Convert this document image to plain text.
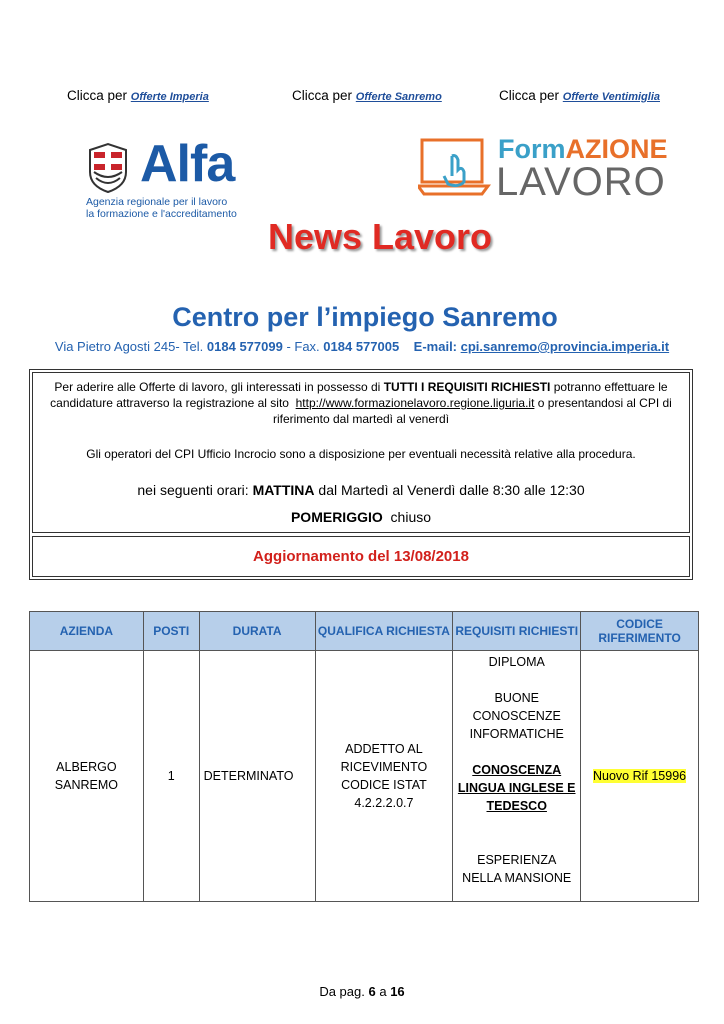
Clicca per Offerte Imperia	Clicca per Offerte Sanremo	Clicca per Offerte Ventimiglia
Alfa
Agenzia regionale per il lavoro
la formazione e l'accreditamento
FormAZIONE
LAVORO
News Lavoro
Centro per l’impiego Sanremo
Via Pietro Agosti 245- Tel. 0184 577099 - Fax. 0184 577005 E-mail: cpi.sanremo@provincia.imperia.it
Per aderire alle Offerte di lavoro, gli interessati in possesso di TUTTI I REQUISITI RICHIESTI potranno effettuare le candidature attraverso la registrazione al sito http://www.formazionelavoro.regione.liguria.it o presentandosi al CPI di riferimento dal martedì al venerdì
Gli operatori del CPI Ufficio Incrocio sono a disposizione per eventuali necessità relative alla procedura.
nei seguenti orari: MATTINA dal Martedì al Venerdì dalle 8:30 alle 12:30
POMERIGGIO chiuso
Aggiornamento del 13/08/2018
AZIENDA	POSTI	DURATA	QUALIFICA RICHIESTA	REQUISITI RICHIESTI	CODICE RIFERIMENTO
ALBERGO SANREMO	1	DETERMINATO	ADDETTO AL RICEVIMENTO CODICE ISTAT 4.2.2.2.0.7	DIPLOMA
BUONE CONOSCENZE INFORMATICHE
CONOSCENZA LINGUA INGLESE E TEDESCO
ESPERIENZA NELLA MANSIONE	Nuovo Rif 15996
Da pag. 6 a 16
